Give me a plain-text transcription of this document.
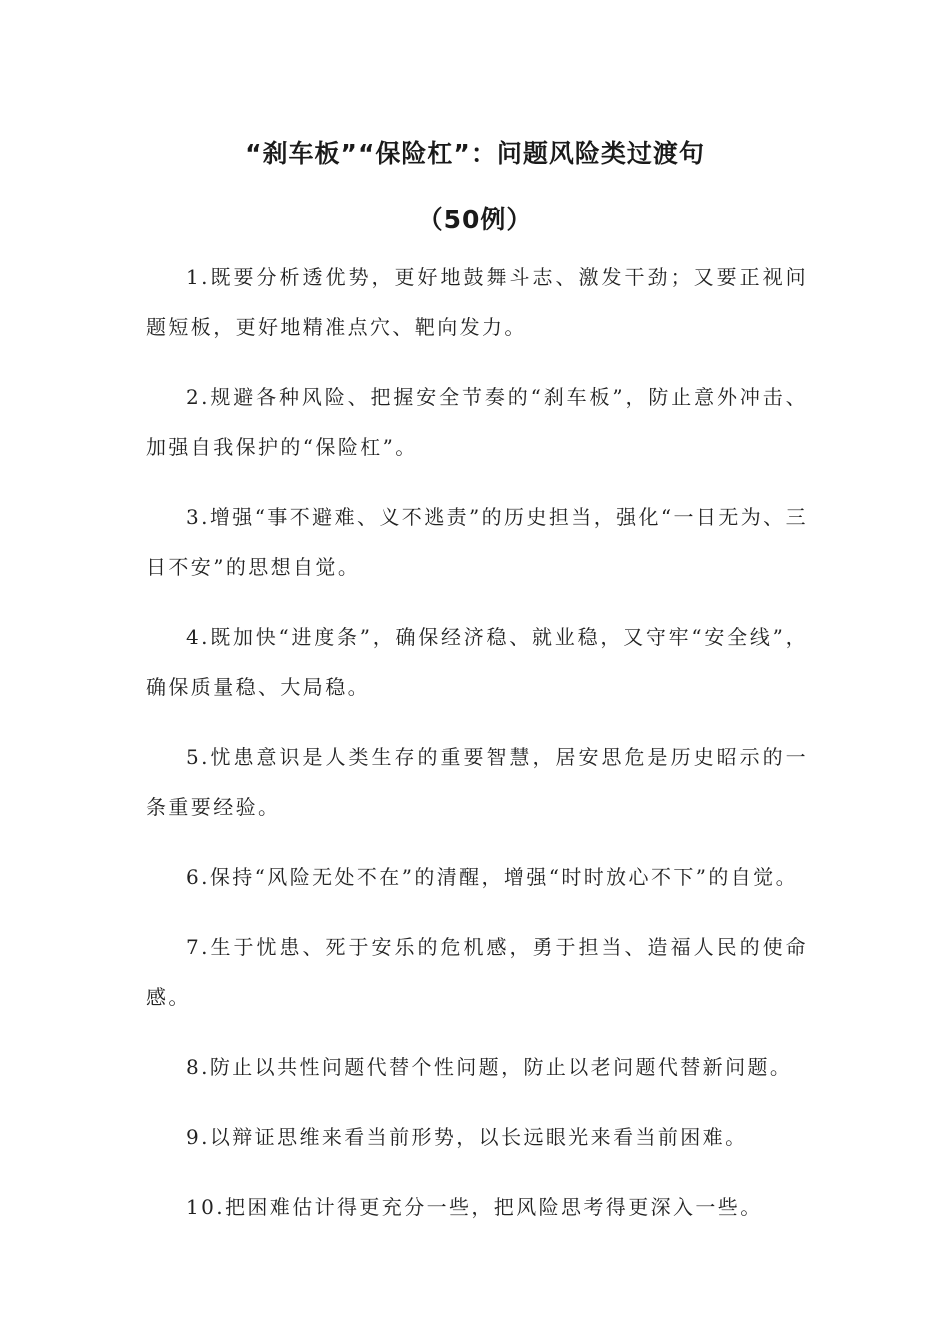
“刹车板”“保险杠”：问题风险类过渡句
（50例）

1.既要分析透优势，更好地鼓舞斗志、激发干劲；又要正视问题短板，更好地精准点穴、靶向发力。

2.规避各种风险、把握安全节奏的“刹车板”，防止意外冲击、加强自我保护的“保险杠”。

3.增强“事不避难、义不逃责”的历史担当，强化“一日无为、三日不安”的思想自觉。

4.既加快“进度条”，确保经济稳、就业稳，又守牢“安全线”，确保质量稳、大局稳。

5.忧患意识是人类生存的重要智慧，居安思危是历史昭示的一条重要经验。

6.保持“风险无处不在”的清醒，增强“时时放心不下”的自觉。

7.生于忧患、死于安乐的危机感，勇于担当、造福人民的使命感。

8.防止以共性问题代替个性问题，防止以老问题代替新问题。

9.以辩证思维来看当前形势，以长远眼光来看当前困难。

10.把困难估计得更充分一些，把风险思考得更深入一些。
